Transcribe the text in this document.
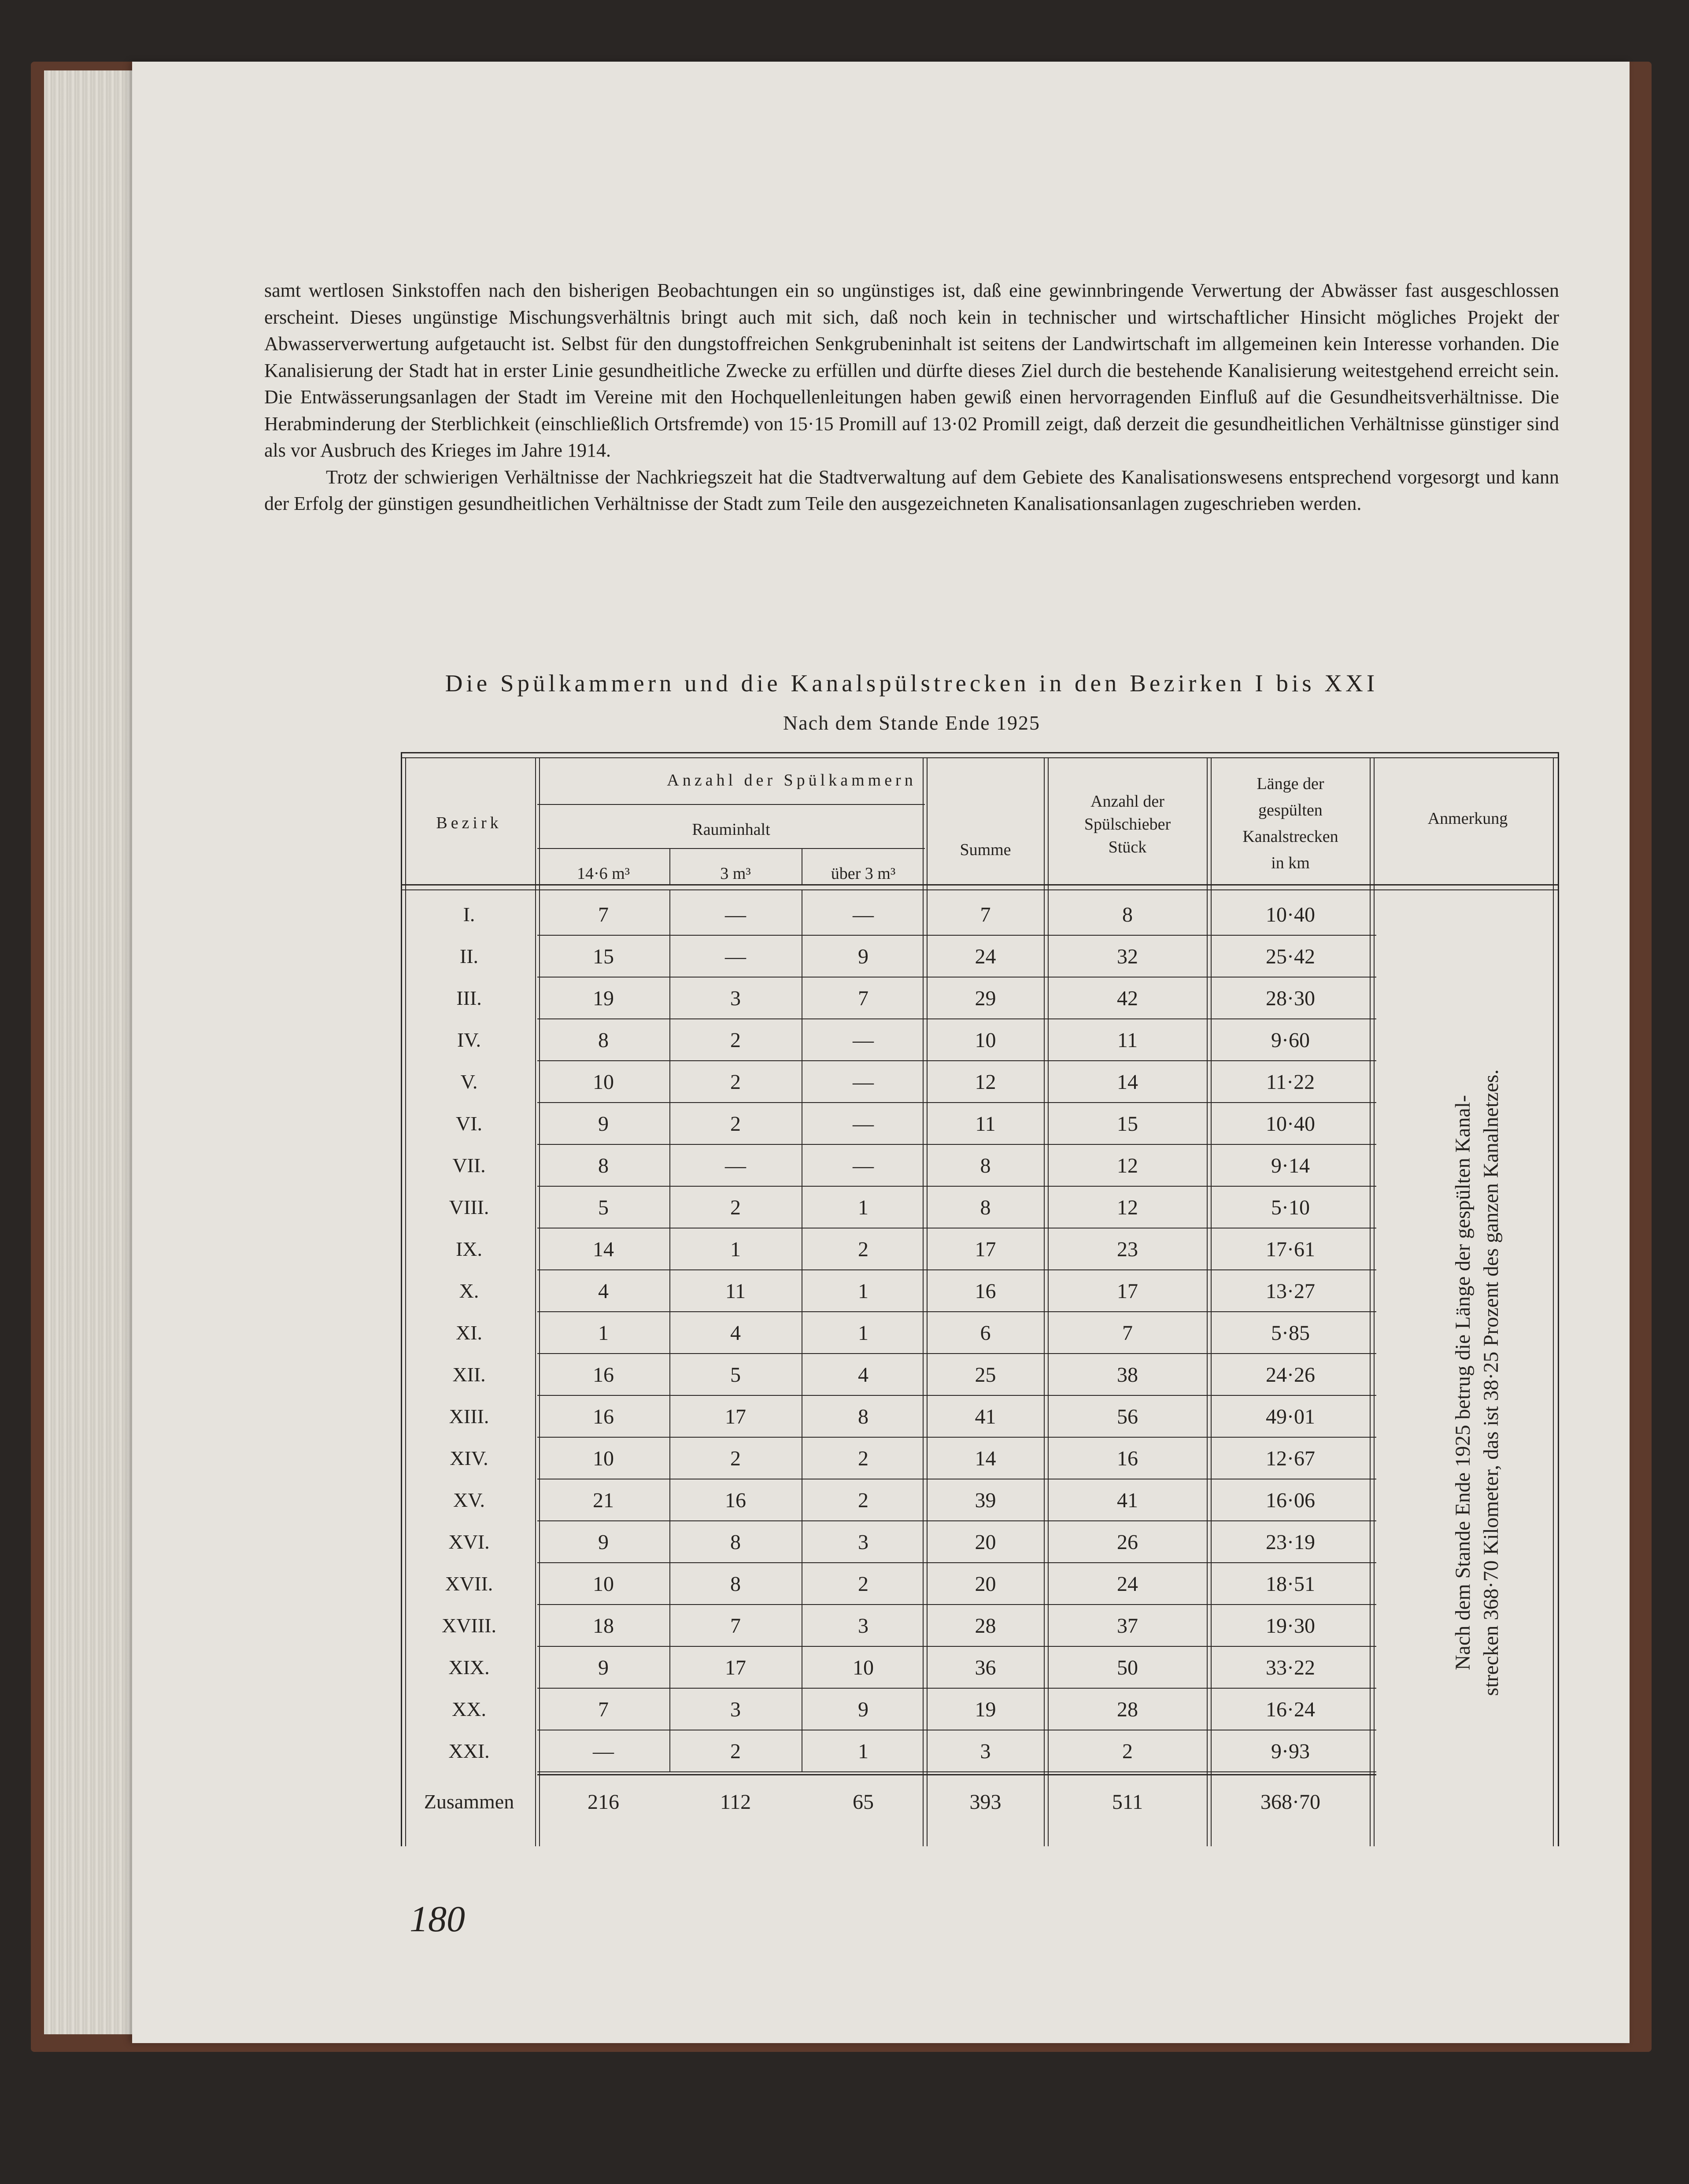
samt wertlosen Sinkstoffen nach den bisherigen Beobachtungen ein so ungünstiges ist, daß eine gewinnbringende Verwertung der Abwässer fast ausgeschlossen erscheint. Dieses ungünstige Mischungsverhältnis bringt auch mit sich, daß noch kein in technischer und wirtschaftlicher Hinsicht mögliches Projekt der Abwasserverwertung aufgetaucht ist. Selbst für den dungstoffreichen Senkgrubeninhalt ist seitens der Landwirtschaft im allgemeinen kein Interesse vorhanden. Die Kanalisierung der Stadt hat in erster Linie gesundheitliche Zwecke zu erfüllen und dürfte dieses Ziel durch die bestehende Kanalisierung weitestgehend erreicht sein. Die Entwässerungsanlagen der Stadt im Vereine mit den Hochquellenleitungen haben gewiß einen hervorragenden Einfluß auf die Gesundheitsverhältnisse. Die Herabminderung der Sterblichkeit (einschließlich Ortsfremde) von 15·15 Promill auf 13·02 Promill zeigt, daß derzeit die gesundheitlichen Verhältnisse günstiger sind als vor Ausbruch des Krieges im Jahre 1914.

Trotz der schwierigen Verhältnisse der Nachkriegszeit hat die Stadtverwaltung auf dem Gebiete des Kanalisationswesens entsprechend vorgesorgt und kann der Erfolg der günstigen gesundheitlichen Verhältnisse der Stadt zum Teile den ausgezeichneten Kanalisationsanlagen zugeschrieben werden.

Die Spülkammern und die Kanalspülstrecken in den Bezirken I bis XXI
Nach dem Stande Ende 1925
Bezirk
Anzahl der Spülkammern
Rauminhalt
14·6 m³	3 m³	über 3 m³
Summe
Anzahl der
Spülschieber
Stück
Länge der
gespülten
Kanalstrecken
in km
Anmerkung
I.	7	—	—	7	8	10·40
II.	15	—	9	24	32	25·42
III.	19	3	7	29	42	28·30
IV.	8	2	—	10	11	9·60
V.	10	2	—	12	14	11·22
VI.	9	2	—	11	15	10·40
VII.	8	—	—	8	12	9·14
VIII.	5	2	1	8	12	5·10
IX.	14	1	2	17	23	17·61
X.	4	11	1	16	17	13·27
XI.	1	4	1	6	7	5·85
XII.	16	5	4	25	38	24·26
XIII.	16	17	8	41	56	49·01
XIV.	10	2	2	14	16	12·67
XV.	21	16	2	39	41	16·06
XVI.	9	8	3	20	26	23·19
XVII.	10	8	2	20	24	18·51
XVIII.	18	7	3	28	37	19·30
XIX.	9	17	10	36	50	33·22
XX.	7	3	9	19	28	16·24
XXI.	—	2	1	3	2	9·93
Zusammen	216	112	65	393	511	368·70
Nach dem Stande Ende 1925 betrug die Länge der gespülten Kanal- strecken 368·70 Kilometer, das ist 38·25 Prozent des ganzen Kanalnetzes.
180
